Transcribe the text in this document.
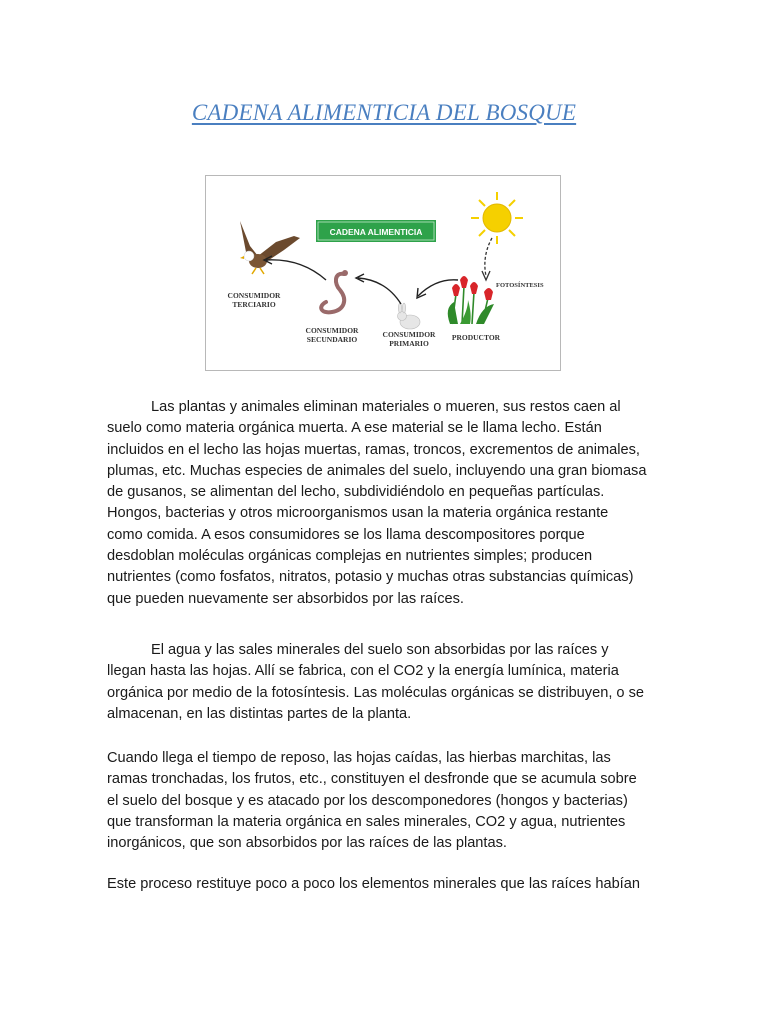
CADENA ALIMENTICIA DEL BOSQUE
CADENA ALIMENTICIA
CONSUMIDOR
TERCIARIO
CONSUMIDOR
SECUNDARIO
CONSUMIDOR
PRIMARIO
FOTOSÍNTESIS
PRODUCTOR

Las plantas y animales eliminan materiales o mueren, sus restos caen al suelo como materia orgánica muerta. A ese material se le llama lecho. Están incluidos en el lecho las hojas muertas, ramas, troncos, excrementos de animales, plumas, etc. Muchas especies de animales del suelo, incluyendo una gran biomasa de gusanos, se alimentan del lecho, subdividiéndolo en pequeñas partículas. Hongos, bacterias y otros microorganismos usan la materia orgánica restante como comida. A esos consumidores se los llama descompositores porque desdoblan moléculas orgánicas complejas en nutrientes simples; producen nutrientes (como fosfatos, nitratos, potasio y muchas otras substancias químicas) que pueden nuevamente ser absorbidos por las raíces.

El agua y las sales minerales del suelo son absorbidas por las raíces y llegan hasta las hojas. Allí se fabrica, con el CO2 y la energía lumínica, materia orgánica por medio de la fotosíntesis. Las moléculas orgánicas se distribuyen, o se almacenan, en las distintas partes de la planta.

Cuando llega el tiempo de reposo, las hojas caídas, las hierbas marchitas, las ramas tronchadas, los frutos, etc., constituyen el desfronde que se acumula sobre el suelo del bosque y es atacado por los descomponedores (hongos y bacterias) que transforman la materia orgánica en sales minerales, CO2 y agua, nutrientes inorgánicos, que son absorbidos por las raíces de las plantas.

Este proceso restituye poco a poco los elementos minerales que las raíces habían
